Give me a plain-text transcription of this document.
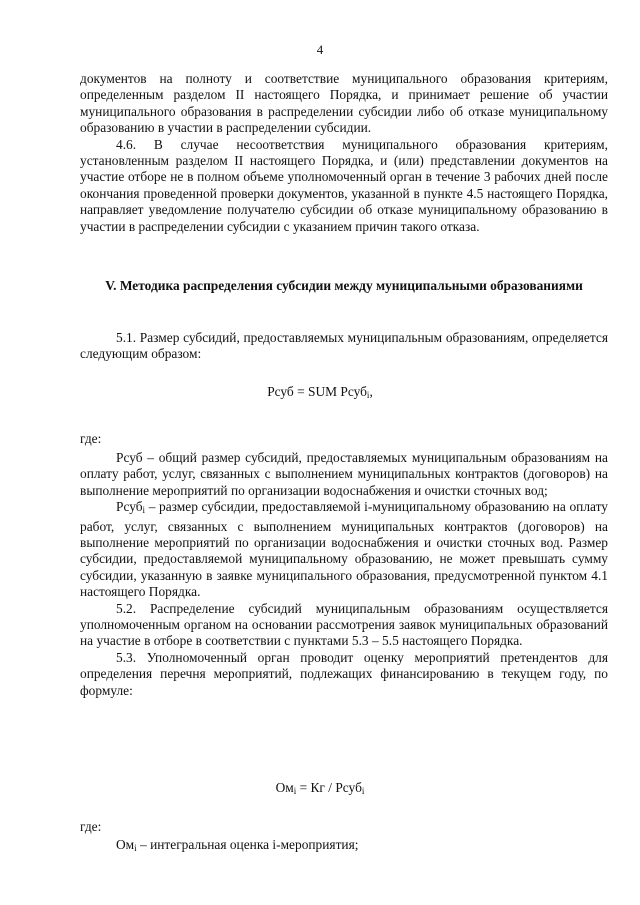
4

документов на полноту и соответствие муниципального образования критериям, определенным разделом II настоящего Порядка, и принимает решение об участии муниципального образования в распределении субсидии либо об отказе муниципальному образованию в участии в распределении субсидии.

4.6. В случае несоответствия муниципального образования критериям, установленным разделом II настоящего Порядка, и (или) представлении документов на участие отборе не в полном объеме уполномоченный орган в течение 3 рабочих дней после окончания проведенной проверки документов, указанной в пункте 4.5 настоящего Порядка, направляет уведомление получателю субсидии об отказе муниципальному образованию в участии в распределении субсидии с указанием причин такого отказа.

V. Методика распределения субсидии между муниципальными образованиями

5.1. Размер субсидий, предоставляемых муниципальным образованиям, определяется следующим образом:

Рсуб = SUM Рсуб$_i$,
где:

Рсуб – общий размер субсидий, предоставляемых муниципальным образованиям на оплату работ, услуг, связанных с выполнением муниципальных контрактов (договоров) на выполнение мероприятий по организации водоснабжения и очистки сточных вод;

Рсуб$_i$ – размер субсидии, предоставляемой i-муниципальному образованию на оплату работ, услуг, связанных с выполнением муниципальных контрактов (договоров) на выполнение мероприятий по организации водоснабжения и очистки сточных вод. Размер субсидии, предоставляемой муниципальному образованию, не может превышать сумму субсидии, указанную в заявке муниципального образования, предусмотренной пунктом 4.1 настоящего Порядка.

5.2. Распределение субсидий муниципальным образованиям осуществляется уполномоченным органом на основании рассмотрения заявок муниципальных образований на участие в отборе в соответствии с пунктами 5.3 – 5.5 настоящего Порядка.

5.3. Уполномоченный орган проводит оценку мероприятий претендентов для определения перечня мероприятий, подлежащих финансированию в текущем году, по формуле:

$Ом_i$ = Кг / Рсуб$_i$
где:

$Ом_i$ – интегральная оценка i-мероприятия;
